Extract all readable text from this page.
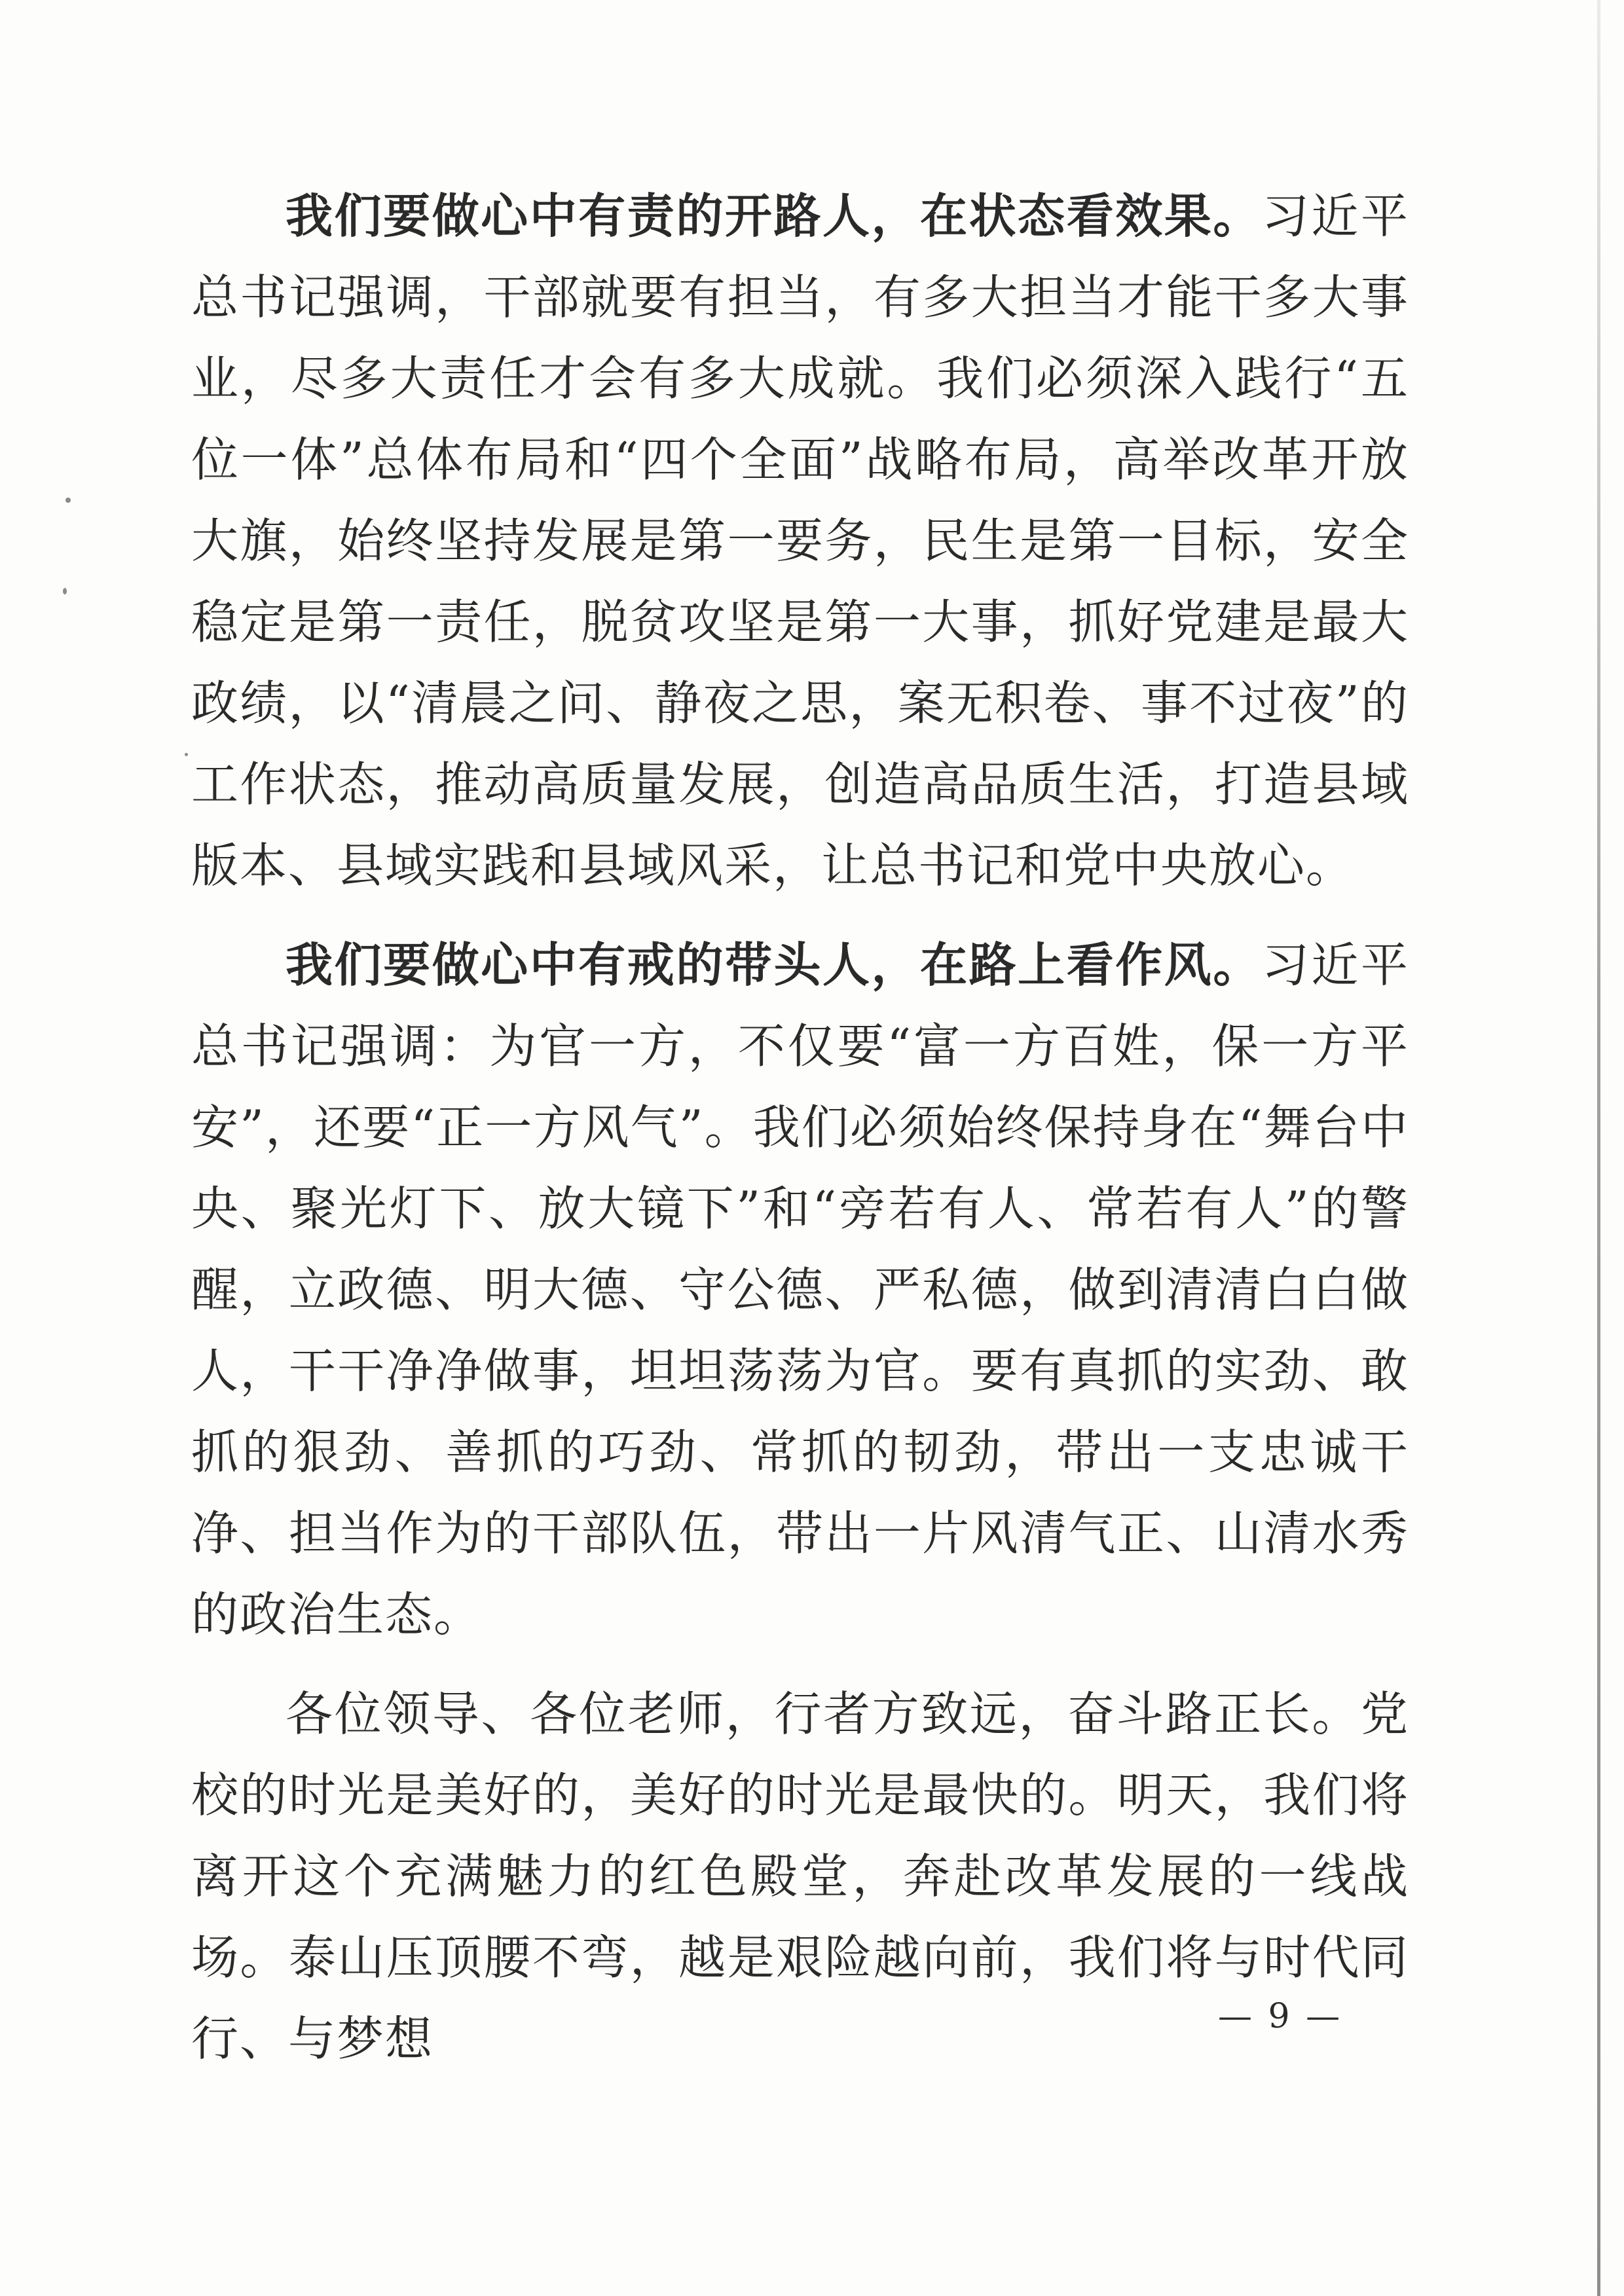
我们要做心中有责的开路人，在状态看效果。习近平总书记强调，干部就要有担当，有多大担当才能干多大事业，尽多大责任才会有多大成就。我们必须深入践行“五位一体”总体布局和“四个全面”战略布局，高举改革开放大旗，始终坚持发展是第一要务，民生是第一目标，安全稳定是第一责任，脱贫攻坚是第一大事，抓好党建是最大政绩，以“清晨之问、静夜之思，案无积卷、事不过夜”的工作状态，推动高质量发展，创造高品质生活，打造县域版本、县域实践和县域风采，让总书记和党中央放心。

我们要做心中有戒的带头人，在路上看作风。习近平总书记强调：为官一方，不仅要“富一方百姓，保一方平安”，还要“正一方风气”。我们必须始终保持身在“舞台中央、聚光灯下、放大镜下”和“旁若有人、常若有人”的警醒，立政德、明大德、守公德、严私德，做到清清白白做人，干干净净做事，坦坦荡荡为官。要有真抓的实劲、敢抓的狠劲、善抓的巧劲、常抓的韧劲，带出一支忠诚干净、担当作为的干部队伍，带出一片风清气正、山清水秀的政治生态。

各位领导、各位老师，行者方致远，奋斗路正长。党校的时光是美好的，美好的时光是最快的。明天，我们将离开这个充满魅力的红色殿堂，奔赴改革发展的一线战场。泰山压顶腰不弯，越是艰险越向前，我们将与时代同行、与梦想	— 9 —
